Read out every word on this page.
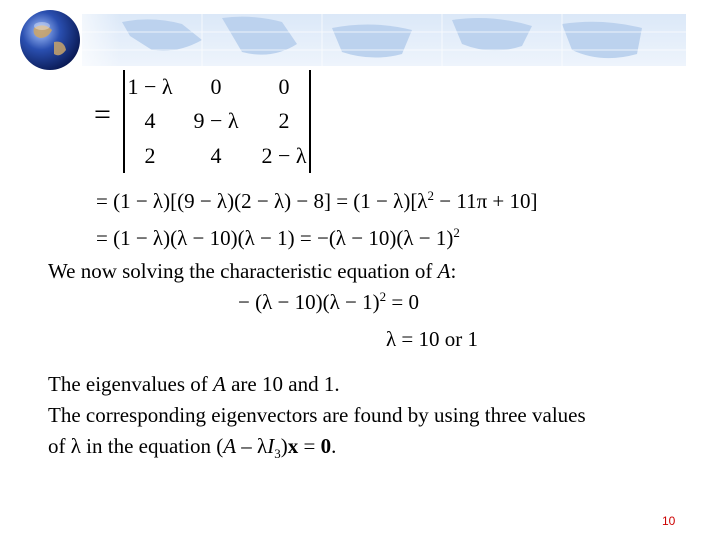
=
1 − λ	0	0
4	9 − λ	2
2	4	2 − λ
= $(1 - \lambda)[(9 - \lambda)(2 - \lambda) - 8] = (1 - \lambda)[\lambda^2 - 11\pi + 10]$
= $(1 - \lambda)(\lambda - 10)(\lambda - 1) = -(\lambda - 10)(\lambda - 1)^2$
We now solving the characteristic equation of A:
− $(\lambda - 10)(\lambda - 1)^2 = 0$
λ = 10 or 1
The eigenvalues of A are 10 and 1.
The corresponding eigenvectors are found by using three values
of λ in the equation $(A - \lambda I_3)x = 0$.
10
